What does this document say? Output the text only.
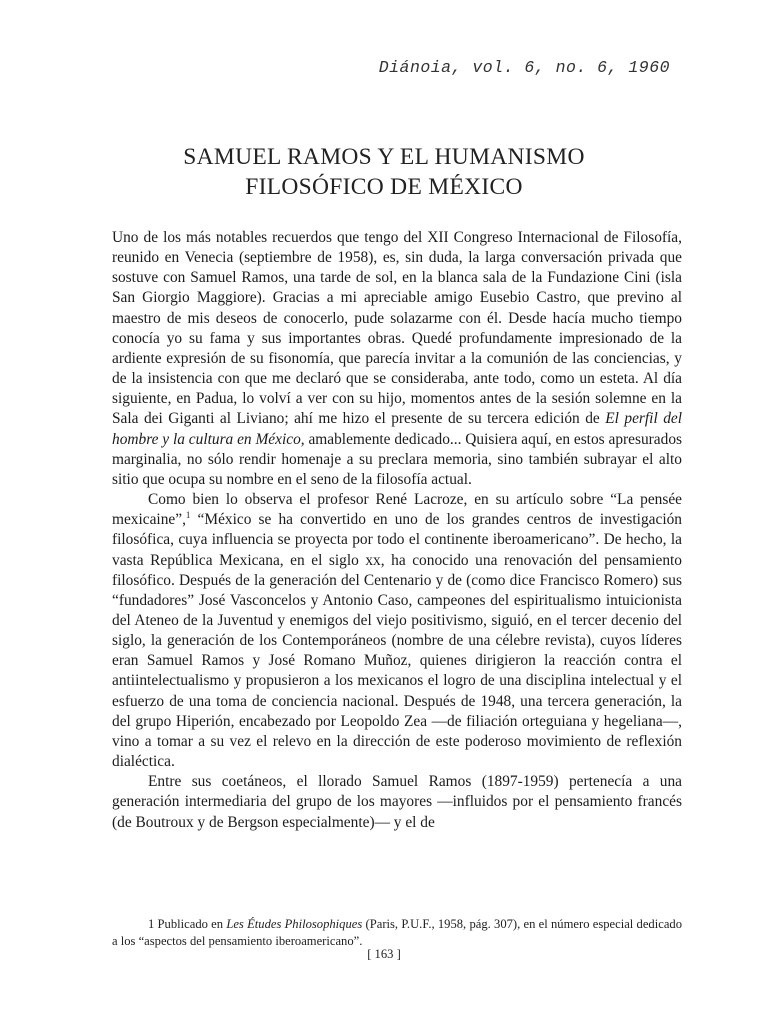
Diánoia, vol. 6, no. 6, 1960
SAMUEL RAMOS Y EL HUMANISMO
FILOSÓFICO DE MÉXICO

Uno de los más notables recuerdos que tengo del XII Congreso Internacional de Filosofía, reunido en Venecia (septiembre de 1958), es, sin duda, la larga conversación privada que sostuve con Samuel Ramos, una tarde de sol, en la blanca sala de la Fundazione Cini (isla San Giorgio Maggiore). Gracias a mi apreciable amigo Eusebio Castro, que previno al maestro de mis deseos de conocerlo, pude solazarme con él. Desde hacía mucho tiempo conocía yo su fama y sus importantes obras. Quedé profundamente impresionado de la ardiente expresión de su fisonomía, que parecía invitar a la comunión de las conciencias, y de la insistencia con que me declaró que se consideraba, ante todo, como un esteta. Al día siguiente, en Padua, lo volví a ver con su hijo, momentos antes de la sesión solemne en la Sala dei Giganti al Liviano; ahí me hizo el presente de su tercera edición de El perfil del hombre y la cultura en México, amablemente dedicado... Quisiera aquí, en estos apresurados marginalia, no sólo rendir homenaje a su preclara memoria, sino también subrayar el alto sitio que ocupa su nombre en el seno de la filosofía actual.

Como bien lo observa el profesor René Lacroze, en su artículo sobre “La pensée mexicaine”,$^1$ “México se ha convertido en uno de los grandes centros de investigación filosófica, cuya influencia se proyecta por todo el continente iberoamericano”. De hecho, la vasta República Mexicana, en el siglo xx, ha conocido una renovación del pensamiento filosófico. Después de la generación del Centenario y de (como dice Francisco Romero) sus “fundadores” José Vasconcelos y Antonio Caso, campeones del espiritualismo intuicionista del Ateneo de la Juventud y enemigos del viejo positivismo, siguió, en el tercer decenio del siglo, la generación de los Contemporáneos (nombre de una célebre revista), cuyos líderes eran Samuel Ramos y José Romano Muñoz, quienes dirigieron la reacción contra el antiintelectualismo y propusieron a los mexicanos el logro de una disciplina intelectual y el esfuerzo de una toma de conciencia nacional. Después de 1948, una tercera generación, la del grupo Hiperión, encabezado por Leopoldo Zea —de filiación orteguiana y hegeliana—, vino a tomar a su vez el relevo en la dirección de este poderoso movimiento de reflexión dialéctica.

Entre sus coetáneos, el llorado Samuel Ramos (1897-1959) pertenecía a una generación intermediaria del grupo de los mayores —influidos por el pensamiento francés (de Boutroux y de Bergson especialmente)— y el de

1 Publicado en Les Études Philosophiques (Paris, P.U.F., 1958, pág. 307), en el número especial dedicado a los “aspectos del pensamiento iberoamericano”.
[ 163 ]
